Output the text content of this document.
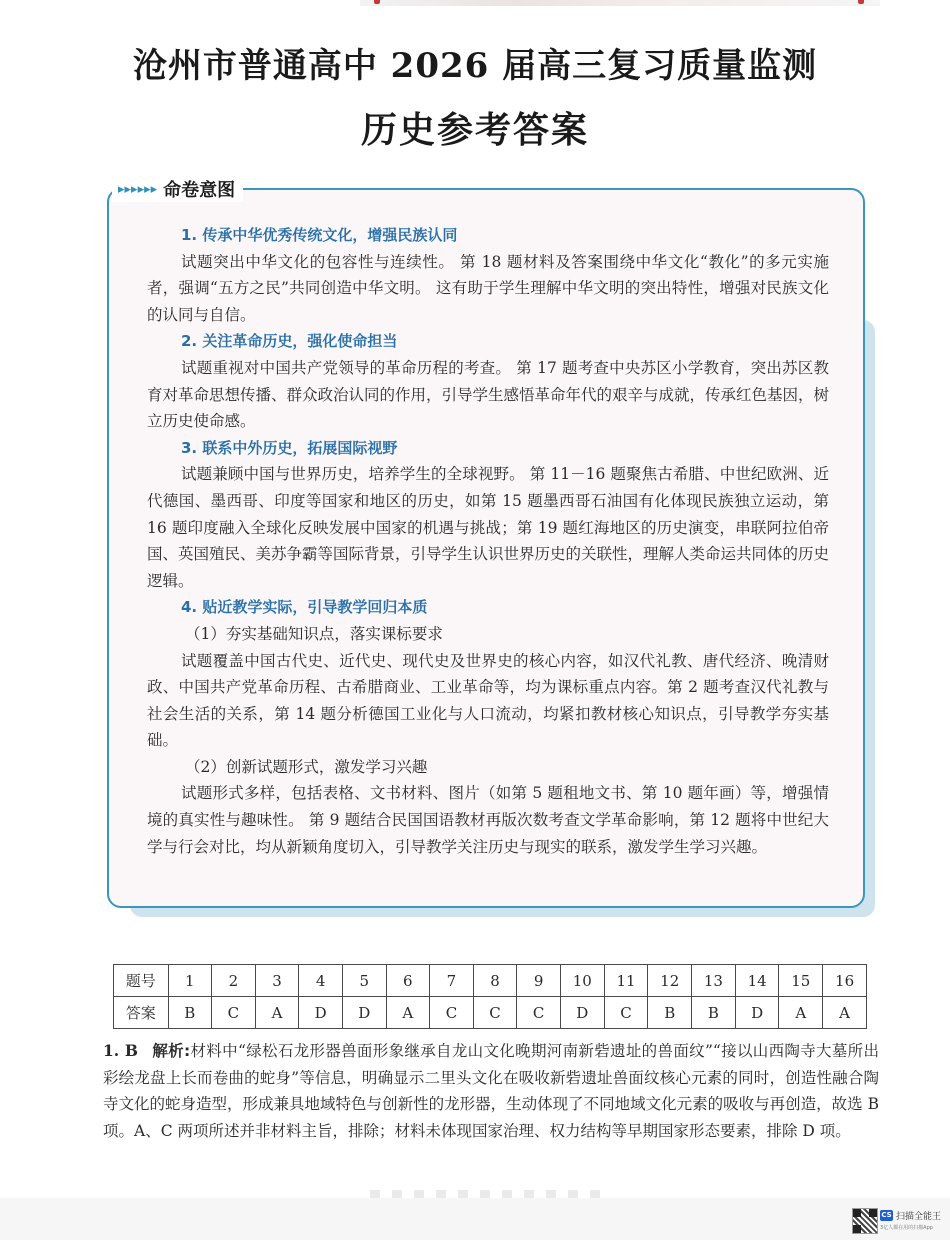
沧州市普通高中 2026 届高三复习质量监测
历史参考答案
▸▸▸▸▸▸ 命卷意图
1. 传承中华优秀传统文化，增强民族认同

试题突出中华文化的包容性与连续性。 第 18 题材料及答案围绕中华文化“教化”的多元实施者，强调“五方之民”共同创造中华文明。 这有助于学生理解中华文明的突出特性，增强对民族文化的认同与自信。

2. 关注革命历史，强化使命担当

试题重视对中国共产党领导的革命历程的考查。 第 17 题考查中央苏区小学教育，突出苏区教育对革命思想传播、群众政治认同的作用，引导学生感悟革命年代的艰辛与成就，传承红色基因，树立历史使命感。

3. 联系中外历史，拓展国际视野

试题兼顾中国与世界历史，培养学生的全球视野。 第 11－16 题聚焦古希腊、中世纪欧洲、近代德国、墨西哥、印度等国家和地区的历史，如第 15 题墨西哥石油国有化体现民族独立运动，第 16 题印度融入全球化反映发展中国家的机遇与挑战；第 19 题红海地区的历史演变，串联阿拉伯帝国、英国殖民、美苏争霸等国际背景，引导学生认识世界历史的关联性，理解人类命运共同体的历史逻辑。

4. 贴近教学实际，引导教学回归本质
（1）夯实基础知识点，落实课标要求

试题覆盖中国古代史、近代史、现代史及世界史的核心内容，如汉代礼教、唐代经济、晚清财政、中国共产党革命历程、古希腊商业、工业革命等，均为课标重点内容。第 2 题考查汉代礼教与社会生活的关系，第 14 题分析德国工业化与人口流动，均紧扣教材核心知识点，引导教学夯实基础。

（2）创新试题形式，激发学习兴趣

试题形式多样，包括表格、文书材料、图片（如第 5 题租地文书、第 10 题年画）等，增强情境的真实性与趣味性。 第 9 题结合民国国语教材再版次数考查文学革命影响，第 12 题将中世纪大学与行会对比，均从新颖角度切入，引导教学关注历史与现实的联系，激发学生学习兴趣。

题号	1	2	3	4	5	6	7	8	9	10	11	12	13	14	15	16
答案	B	C	A	D	D	A	C	C	C	D	C	B	B	D	A	A
1. B 解析:材料中“绿松石龙形器兽面形象继承自龙山文化晚期河南新砦遗址的兽面纹”“接以山西陶寺大墓所出彩绘龙盘上长而卷曲的蛇身”等信息，明确显示二里头文化在吸收新砦遗址兽面纹核心元素的同时，创造性融合陶寺文化的蛇身造型，形成兼具地域特色与创新性的龙形器，生动体现了不同地域文化元素的吸收与再创造，故选 B 项。A、C 两项所述并非材料主旨，排除；材料未体现国家治理、权力结构等早期国家形态要素，排除 D 项。
CS 扫描全能王
3亿人都在用的扫描App
